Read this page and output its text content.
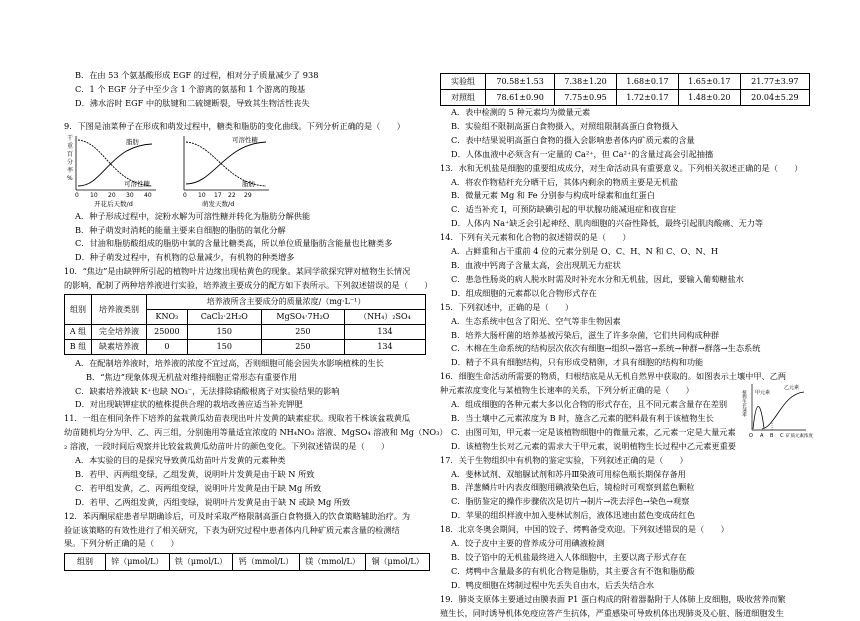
B．在由 53 个氨基酸形成 EGF 的过程，相对分子质量减少了 938
C．1 个 EGF 分子中至少含 1 个游离的氨基和 1 个游离的羧基
D．沸水浴时 EGF 中的肽键和二硫键断裂，导致其生物活性丧失
9．下图是油菜种子在形成和萌发过程中，糖类和脂肪的变化曲线。下列分析正确的是（　　）
干
重
百
分
率
%
脂肪
可溶性糖
0 10 20 30 40
开花后天数/d
可溶性糖
脂肪
0 10 17 22 29
萌发天数/d
A．种子形成过程中，淀粉水解为可溶性糖并转化为脂肪分解供能
B．种子萌发时消耗的能量主要来自细胞的脂肪的氧化分解
C．甘油和脂肪酸组成的脂肪中氧的含量比糖类高，所以单位质量脂肪含能量也比糖类多
D．种子萌发过程中，有机物的总量减少，有机物的种类增多
10．“焦边”是由缺钾所引起的植物叶片边缘出现枯黄色的现象。某同学欲探究钾对植物生长情况
的影响，配制了两种培养液进行实验，培养液主要成分的配方如下表所示。下列叙述错误的是（　　）
组别	培养液类别	培养液所含主要成分的质量浓度/（mg·L⁻¹）			
		KNO₃	CaCl₂·2H₂O	MgSO₄·7H₂O	（NH₄）₂SO₄
A 组	完全培养液	25000	150	250	134
B 组	缺素培养液	0	150	250	134
A．在配制培养液时，培养液的浓度不宜过高，否则细胞可能会因失水影响植株的生长
B．“焦边”现象体现无机盐对维持细胞正常形态有重要作用
C．缺素培养液缺 K⁺也缺 NO₃⁻，无法排除硝酸根离子对实验结果的影响
D．对出现缺钾症状的植株提供合理的栽培改善应适当补充钾肥
11．一组在相同条件下培养的盆栽黄瓜幼苗表现出叶片发黄的缺素症状。现取若干株该盆栽黄瓜
幼苗随机均分为甲、乙、丙三组，分别施用等量适宜浓度的 NH₄NO₃ 溶液、MgSO₄ 溶液和 Mg（NO₃）
₂ 溶液，一段时间后观察并比较盆栽黄瓜幼苗叶片的颜色变化。下列叙述错误的是（　　）
A．本实验的目的是探究导致黄瓜幼苗叶片发黄的元素种类
B．若甲、丙两组变绿，乙组发黄，说明叶片发黄是由于缺 N 所致
C．若甲组发黄，乙、丙两组变绿，说明叶片发黄是由于缺 Mg 所致
D．若甲、乙两组发黄，丙组变绿，说明叶片发黄是由于缺 N 或缺 Mg 所致
12．苯丙酮尿症患者早期确诊后，可及时采取严格限制高蛋白食物摄入的饮食策略辅助治疗。为
验证该策略的有效性进行了相关研究，下表为研究过程中患者体内几种矿质元素含量的检测结
果。下列分析正确的是（　　）
组别	锌（μmol/L）	铁（μmol/L）	钙（mmol/L）	镁（mmol/L）	铜（μmol/L）
实验组	70.58±1.53	7.38±1.20	1.68±0.17	1.65±0.17	21.77±3.97
对照组	78.61±0.90	7.75±0.95	1.72±0.17	1.48±0.20	20.04±5.29
A．表中检测的 5 种元素均为微量元素
B．实验组不限制高蛋白食物摄入，对照组限制高蛋白食物摄入
C．表中结果说明高蛋白食物的摄入会影响患者体内矿质元素的含量
D．人体血液中必须含有一定量的 Ca²⁺，但 Ca²⁺的含量过高会引起抽搐
13．水和无机盐是细胞的重要组成成分，对生命活动具有重要意义。下列相关叙述正确的是（　　）
A．将农作物秸秆充分晒干后，其体内剩余的物质主要是无机盐
B．微量元素 Mg 和 Fe 分别参与构成叶绿素和血红蛋白
C．适当补充 I，可预防缺碘引起的甲状腺功能减退症和夜盲症
D．人体内 Na⁺缺乏会引起神经、肌肉细胞的兴奋性降低，最终引起肌肉酸痛、无力等
14．下列有关元素和化合物的叙述错误的是（　　）
A．占鲜重和占干重前 4 位的元素分别是 O、C、H、N 和 C、O、N、H
B．血液中钙离子含量太高，会出现肌无力症状
C．患急性肠炎的病人脱水时需及时补充水分和无机盐，因此，要输入葡萄糖盐水
D．组成细胞的元素都以化合物形式存在
15．下列叙述中，正确的是（　　）
A．生态系统中包含了阳光、空气等非生物因素
B．培养大肠杆菌的培养基被污染后，滋生了许多杂菌，它们共同构成种群
C．木棉在生命系统的结构层次依次有细胞→组织→器官→系统→种群→群落→生态系统
D．精子不具有细胞结构，只有形成受精卵，才具有细胞的结构和功能
16．细胞生命活动所需要的物质，归根结底是从无机自然界中获取的。如图表示土壤中甲、乙两
种元素浓度变化与某植物生长速率的关系，下列分析正确的是（　　）
A．组成细胞的各种元素大多以化合物的形式存在，且不同元素含量存在差别
B．当土壤中乙元素浓度为 B 时，施含乙元素的肥料最有利于该植物生长
C．由图可知，甲元素一定是该植物细胞中的微量元素，乙元素一定是大量元素
植物生长速率 甲元素
乙元素
O A B C 矿质元素浓度
D．该植物生长对乙元素的需求大于甲元素，说明植物生长过程中乙元素更重要
17．关于生物组织中有机物的鉴定实验，下列叙述正确的是（　　）
A．斐林试剂、双缩脲试剂和苏丹Ⅲ染液可用棕色瓶长期保存备用
B．洋葱鳞片叶内表皮细胞用碘液染色后，镜检时可观察到蓝色颗粒
C．脂肪鉴定的操作步骤依次是切片→制片→洗去浮色→染色→观察
D．苹果的组织样液中加入斐林试剂后，液体迅速由蓝色变成砖红色
18．北京冬奥会期间，中国的饺子、烤鸭备受欢迎。下列叙述错误的是（　　）
A．饺子皮中主要的营养成分可用碘液检测
B．饺子馅中的无机盐最终进入人体细胞中，主要以离子形式存在
C．烤鸭中含量最多的有机化合物是脂肪，其主要含有不饱和脂肪酸
D．鸭皮细胞在烤制过程中先丢失自由水，后丢失结合水
19．肺炎支原体主要通过由膜表面 P1 蛋白构成的附着器黏附于人体肺上皮细胞，吸收营养而繁
殖生长，同时诱导机体免疫应答产生抗体，严重感染可导致机体出现肺炎及心脏、肠道细胞发生
